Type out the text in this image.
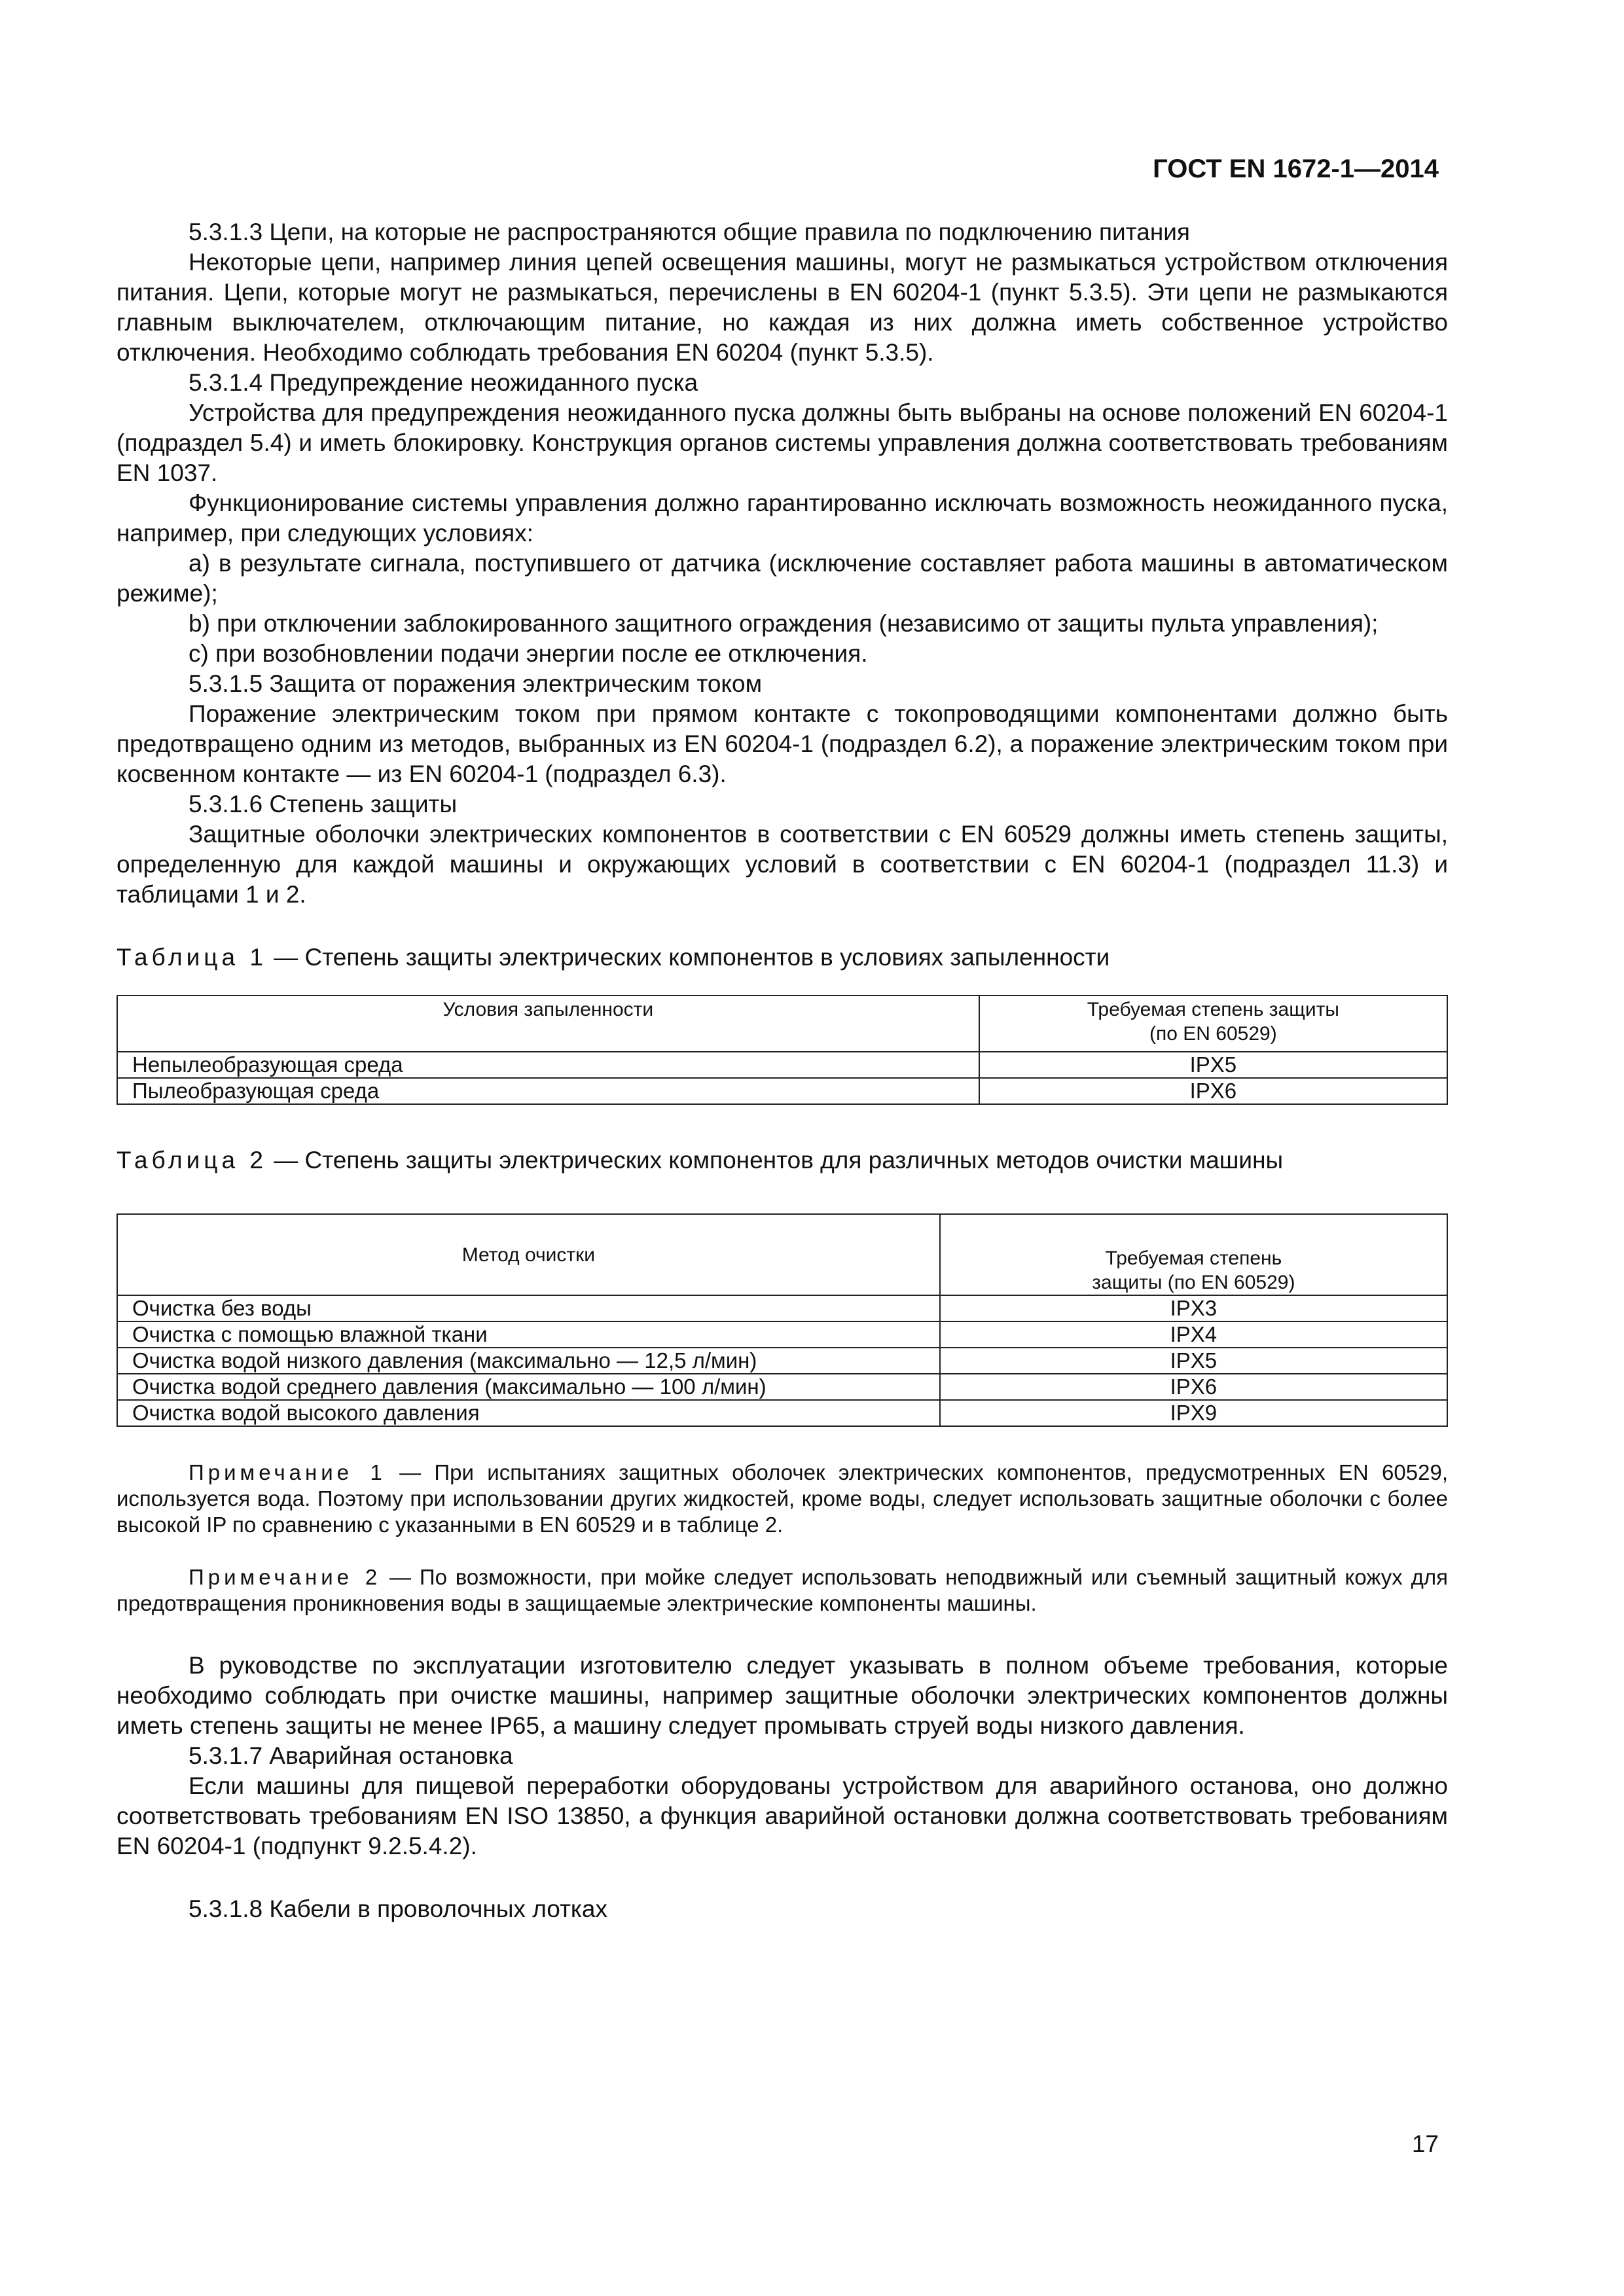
ГОСТ EN 1672-1—2014

5.3.1.3 Цепи, на которые не распространяются общие правила по подключению питания

Некоторые цепи, например линия цепей освещения машины, могут не размыкаться устройством отключения питания. Цепи, которые могут не размыкаться, перечислены в EN 60204-1 (пункт 5.3.5). Эти цепи не размыкаются главным выключателем, отключающим питание, но каждая из них должна иметь собственное устройство отключения. Необходимо соблюдать требования EN 60204 (пункт 5.3.5).

5.3.1.4 Предупреждение неожиданного пуска

Устройства для предупреждения неожиданного пуска должны быть выбраны на основе положений EN 60204-1 (подраздел 5.4) и иметь блокировку. Конструкция органов системы управления должна соответствовать требованиям EN 1037.

Функционирование системы управления должно гарантированно исключать возможность неожиданного пуска, например, при следующих условиях:

a) в результате сигнала, поступившего от датчика (исключение составляет работа машины в автоматическом режиме);

b) при отключении заблокированного защитного ограждения (независимо от защиты пульта управления);

c) при возобновлении подачи энергии после ее отключения.

5.3.1.5 Защита от поражения электрическим током

Поражение электрическим током при прямом контакте с токопроводящими компонентами должно быть предотвращено одним из методов, выбранных из EN 60204-1 (подраздел 6.2), а поражение электрическим током при косвенном контакте — из EN 60204-1 (подраздел 6.3).

5.3.1.6 Степень защиты

Защитные оболочки электрических компонентов в соответствии с EN 60529 должны иметь степень защиты, определенную для каждой машины и окружающих условий в соответствии с EN 60204-1 (подраздел 11.3) и таблицами 1 и 2.

Таблица 1 — Степень защиты электрических компонентов в условиях запыленности
Условия запыленности	Требуемая степень защиты
(по EN 60529)
Непылеобразующая среда	IPX5
Пылеобразующая среда	IPX6
Таблица 2 — Степень защиты электрических компонентов для различных методов очистки машины
Метод очистки	Требуемая степень
защиты (по EN 60529)
Очистка без воды	IPX3
Очистка с помощью влажной ткани	IPX4
Очистка водой низкого давления (максимально — 12,5 л/мин)	IPX5
Очистка водой среднего давления (максимально — 100 л/мин)	IPX6
Очистка водой высокого давления	IPX9

Примечание 1 — При испытаниях защитных оболочек электрических компонентов, предусмотренных EN 60529, используется вода. Поэтому при использовании других жидкостей, кроме воды, следует использовать защитные оболочки с более высокой IP по сравнению с указанными в EN 60529 и в таблице 2.

Примечание 2 — По возможности, при мойке следует использовать неподвижный или съемный защитный кожух для предотвращения проникновения воды в защищаемые электрические компоненты машины.

В руководстве по эксплуатации изготовителю следует указывать в полном объеме требования, которые необходимо соблюдать при очистке машины, например защитные оболочки электрических компонентов должны иметь степень защиты не менее IP65, а машину следует промывать струей воды низкого давления.

5.3.1.7 Аварийная остановка

Если машины для пищевой переработки оборудованы устройством для аварийного останова, оно должно соответствовать требованиям EN ISO 13850, а функция аварийной остановки должна соответствовать требованиям   EN 60204-1 (подпункт 9.2.5.4.2).

5.3.1.8 Кабели в проволочных лотках

17
